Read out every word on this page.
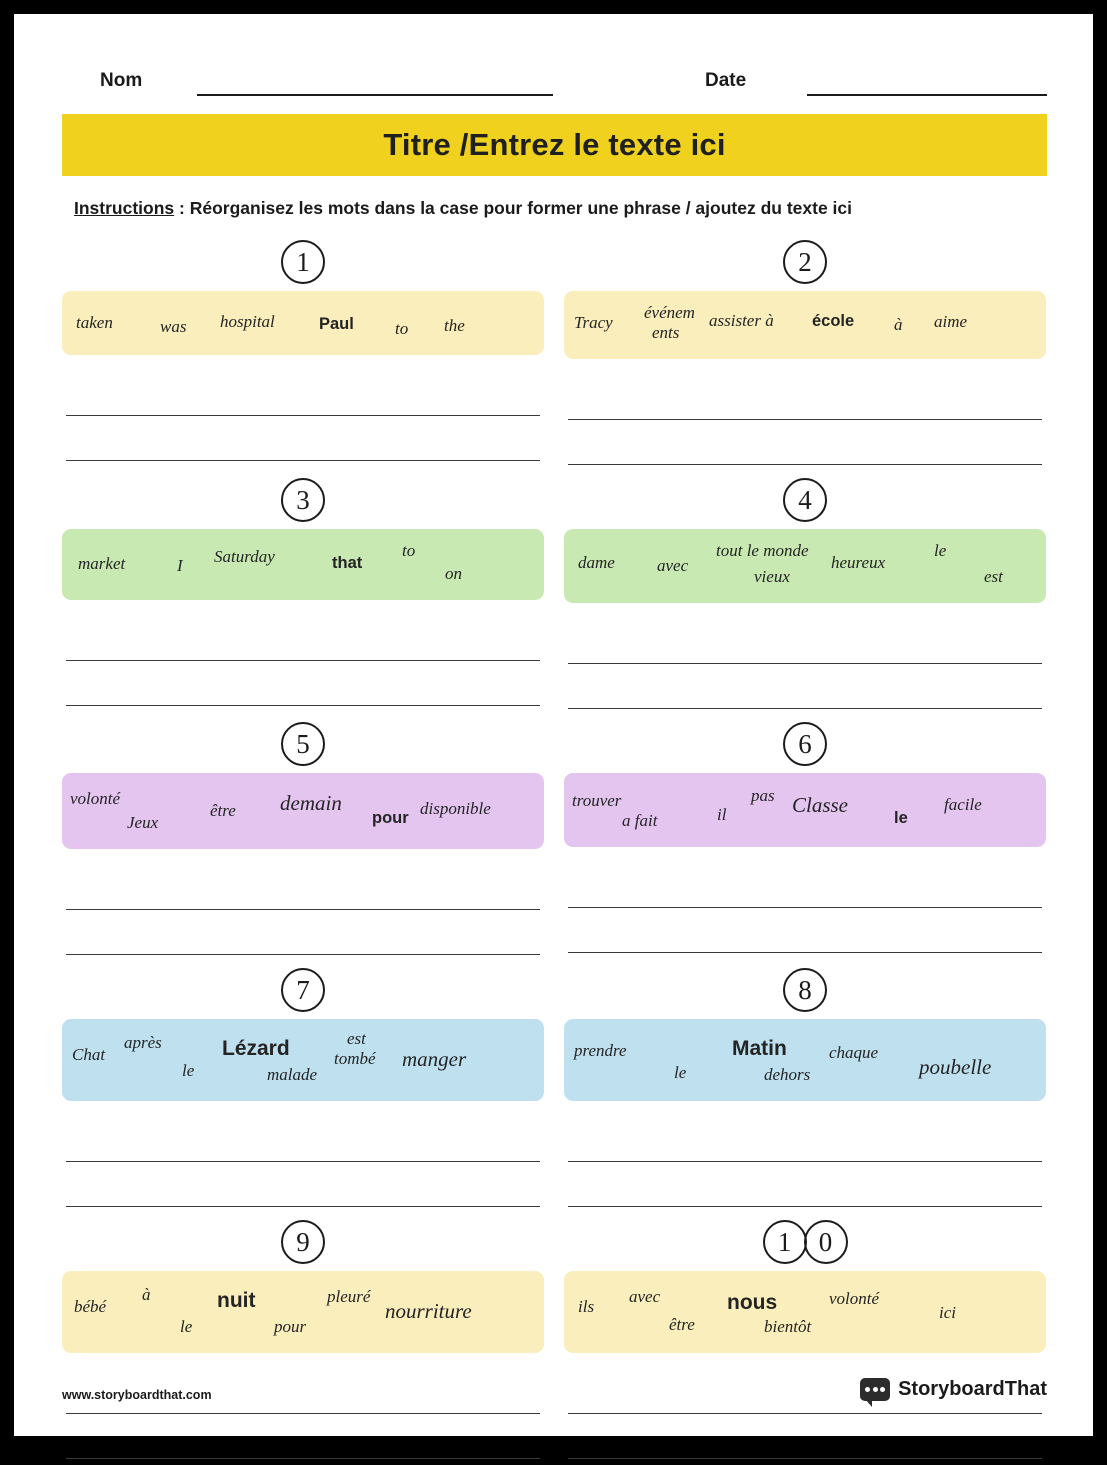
Nom	Date
Titre /Entrez le texte ici
Instructions : Réorganisez les mots dans la case pour former une phrase / ajoutez du texte ici
1
taken	was hospital	Paul to the
2
Tracy
événem
ents
assister à école à aime
3
market	I Saturday	that
to
on
4
dame avec
tout le monde
vieux
heureux
le
est
5
volonté
Jeux
être demain
pour disponible
6
trouver
a fait	il
pas Classe
le
facile
7
Chat
après
le
Lézard	est
tombé
malade
manger
8
prendre
le
Matin chaque
dehors	poubelle
9
bébé
à
le
nuit
pour
pleuré
nourriture
1	0
ils
avec
être
nous
bientôt
volonté
ici
www.storyboardthat.com	StoryboardThat
